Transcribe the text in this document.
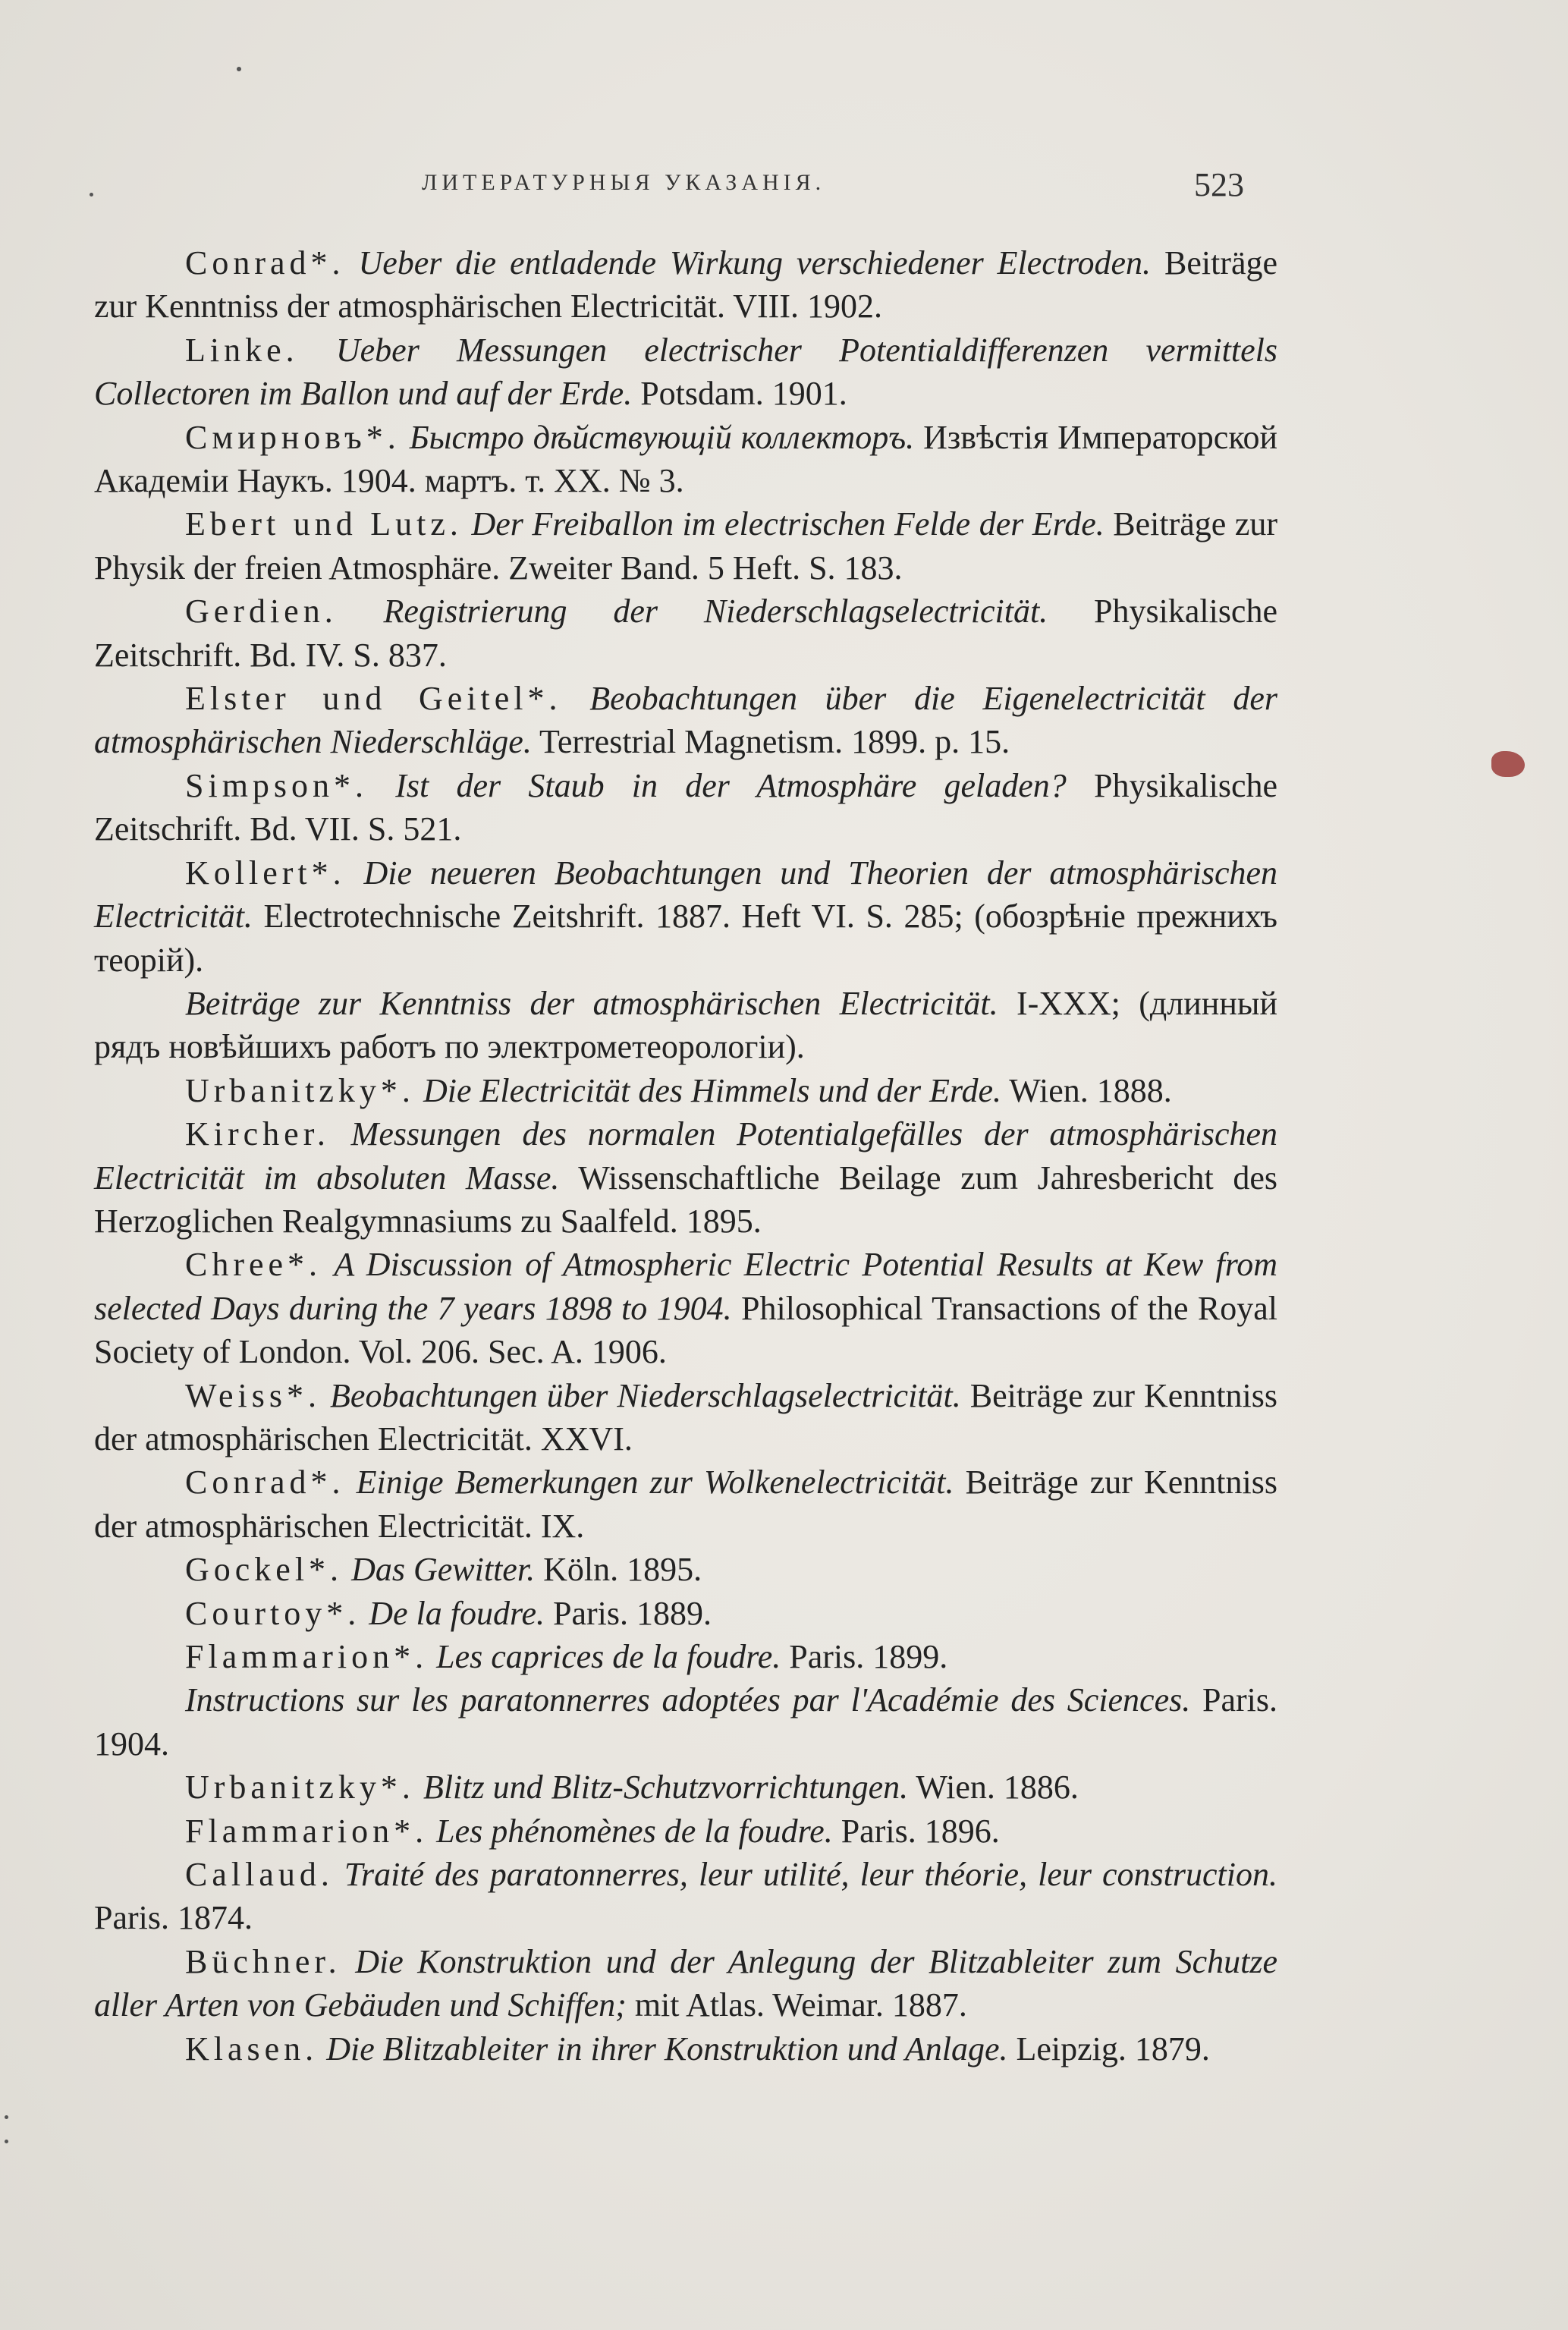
ЛИТЕРАТУРНЫЯ УКАЗАНІЯ.	523

Conrad*. Ueber die entladende Wirkung verschiedener Electroden. Beiträge zur Kenntniss der atmosphärischen Electricität. VIII. 1902.

Linke. Ueber Messungen electrischer Potentialdifferenzen vermittels Collectoren im Ballon und auf der Erde. Potsdam. 1901.

Смирновъ*. Быстро дѣйствующій коллекторъ. Извѣстія Императорской Академіи Наукъ. 1904. мартъ. т. XX. № 3.

Ebert und Lutz. Der Freiballon im electrischen Felde der Erde. Beiträge zur Physik der freien Atmosphäre. Zweiter Band. 5 Heft. S. 183.

Gerdien. Registrierung der Niederschlagselectricität. Physikalische Zeitschrift. Bd. IV. S. 837.

Elster und Geitel*. Beobachtungen über die Eigenelectricität der atmosphärischen Niederschläge. Terrestrial Magnetism. 1899. p. 15.

Simpson*. Ist der Staub in der Atmosphäre geladen? Physikalische Zeitschrift. Bd. VII. S. 521.

Kollert*. Die neueren Beobachtungen und Theorien der atmosphärischen Electricität. Electrotechnische Zeitshrift. 1887. Heft VI. S. 285; (обозрѣніе прежнихъ теорій).

Beiträge zur Kenntniss der atmosphärischen Electricität. I-XXX; (длинный рядъ новѣйшихъ работъ по электрометеорологіи).

Urbanitzky*. Die Electricität des Himmels und der Erde. Wien. 1888.

Kircher. Messungen des normalen Potentialgefälles der atmosphärischen Electricität im absoluten Masse. Wissenschaftliche Beilage zum Jahresbericht des Herzoglichen Realgymnasiums zu Saalfeld. 1895.

Chree*. A Discussion of Atmospheric Electric Potential Results at Kew from selected Days during the 7 years 1898 to 1904. Philosophical Transactions of the Royal Society of London. Vol. 206. Sec. A. 1906.

Weiss*. Beobachtungen über Niederschlagselectricität. Beiträge zur Kenntniss der atmosphärischen Electricität. XXVI.

Conrad*. Einige Bemerkungen zur Wolkenelectricität. Beiträge zur Kenntniss der atmosphärischen Electricität. IX.

Gockel*. Das Gewitter. Köln. 1895.

Courtoy*. De la foudre. Paris. 1889.

Flammarion*. Les caprices de la foudre. Paris. 1899.

Instructions sur les paratonnerres adoptées par l'Académie des Sciences. Paris. 1904.

Urbanitzky*. Blitz und Blitz-Schutzvorrichtungen. Wien. 1886.

Flammarion*. Les phénomènes de la foudre. Paris. 1896.

Callaud. Traité des paratonnerres, leur utilité, leur théorie, leur construction. Paris. 1874.

Büchner. Die Konstruktion und der Anlegung der Blitzableiter zum Schutze aller Arten von Gebäuden und Schiffen; mit Atlas. Weimar. 1887.

Klasen. Die Blitzableiter in ihrer Konstruktion und Anlage. Leipzig. 1879.
